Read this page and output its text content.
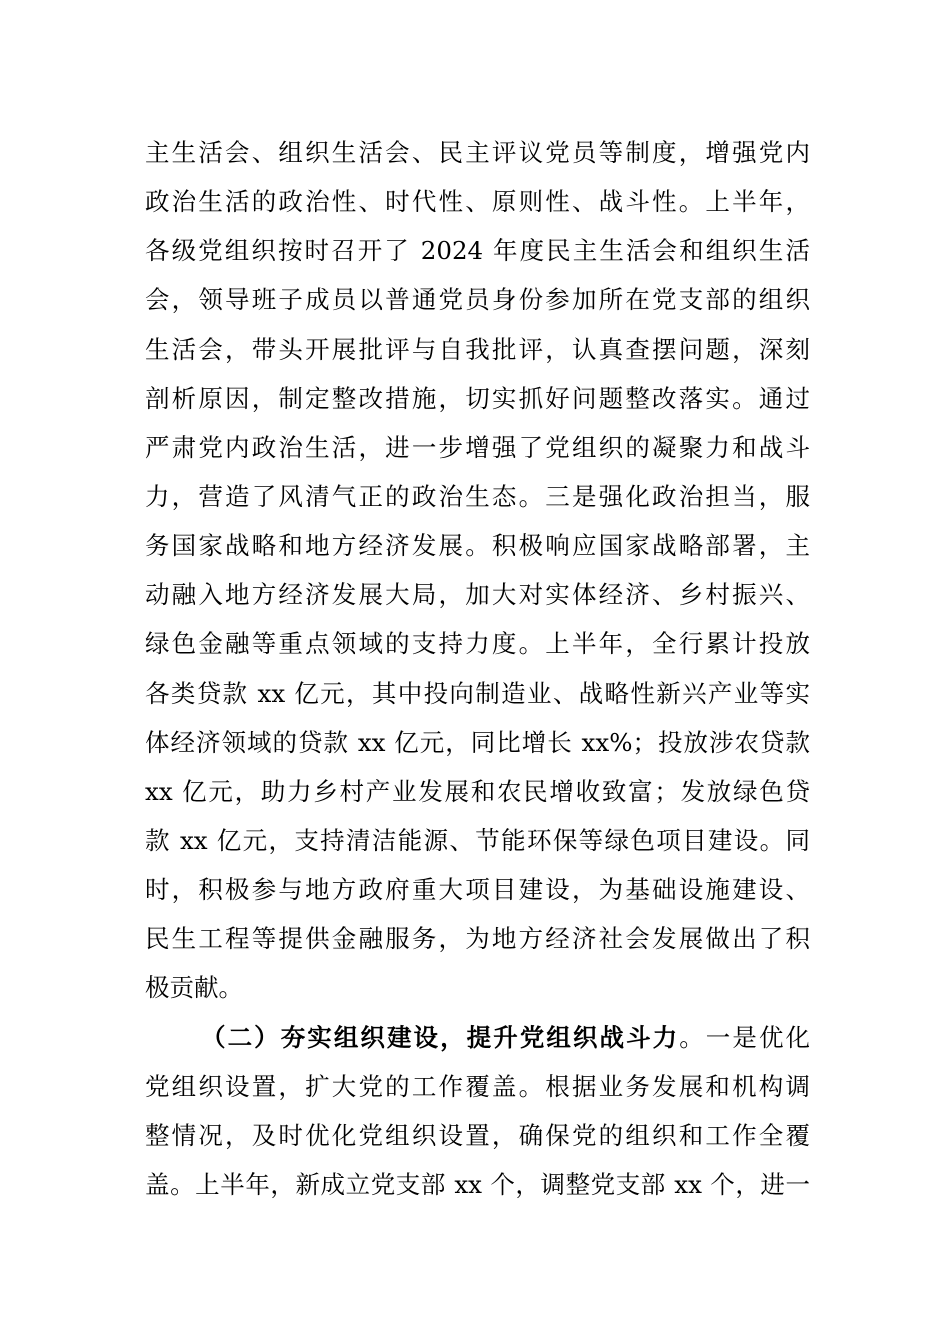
主生活会、组织生活会、民主评议党员等制度，增强党内
政治生活的政治性、时代性、原则性、战斗性。上半年，
各级党组织按时召开了 2024 年度民主生活会和组织生活
会，领导班子成员以普通党员身份参加所在党支部的组织
生活会，带头开展批评与自我批评，认真查摆问题，深刻
剖析原因，制定整改措施，切实抓好问题整改落实。通过
严肃党内政治生活，进一步增强了党组织的凝聚力和战斗
力，营造了风清气正的政治生态。三是强化政治担当，服
务国家战略和地方经济发展。积极响应国家战略部署，主
动融入地方经济发展大局，加大对实体经济、乡村振兴、
绿色金融等重点领域的支持力度。上半年，全行累计投放
各类贷款 xx 亿元，其中投向制造业、战略性新兴产业等实
体经济领域的贷款 xx 亿元，同比增长 xx%；投放涉农贷款
xx 亿元，助力乡村产业发展和农民增收致富；发放绿色贷
款 xx 亿元，支持清洁能源、节能环保等绿色项目建设。同
时，积极参与地方政府重大项目建设，为基础设施建设、
民生工程等提供金融服务，为地方经济社会发展做出了积
极贡献。
（二）夯实组织建设，提升党组织战斗力。一是优化
党组织设置，扩大党的工作覆盖。根据业务发展和机构调
整情况，及时优化党组织设置，确保党的组织和工作全覆
盖。上半年，新成立党支部 xx 个，调整党支部 xx 个，进一
